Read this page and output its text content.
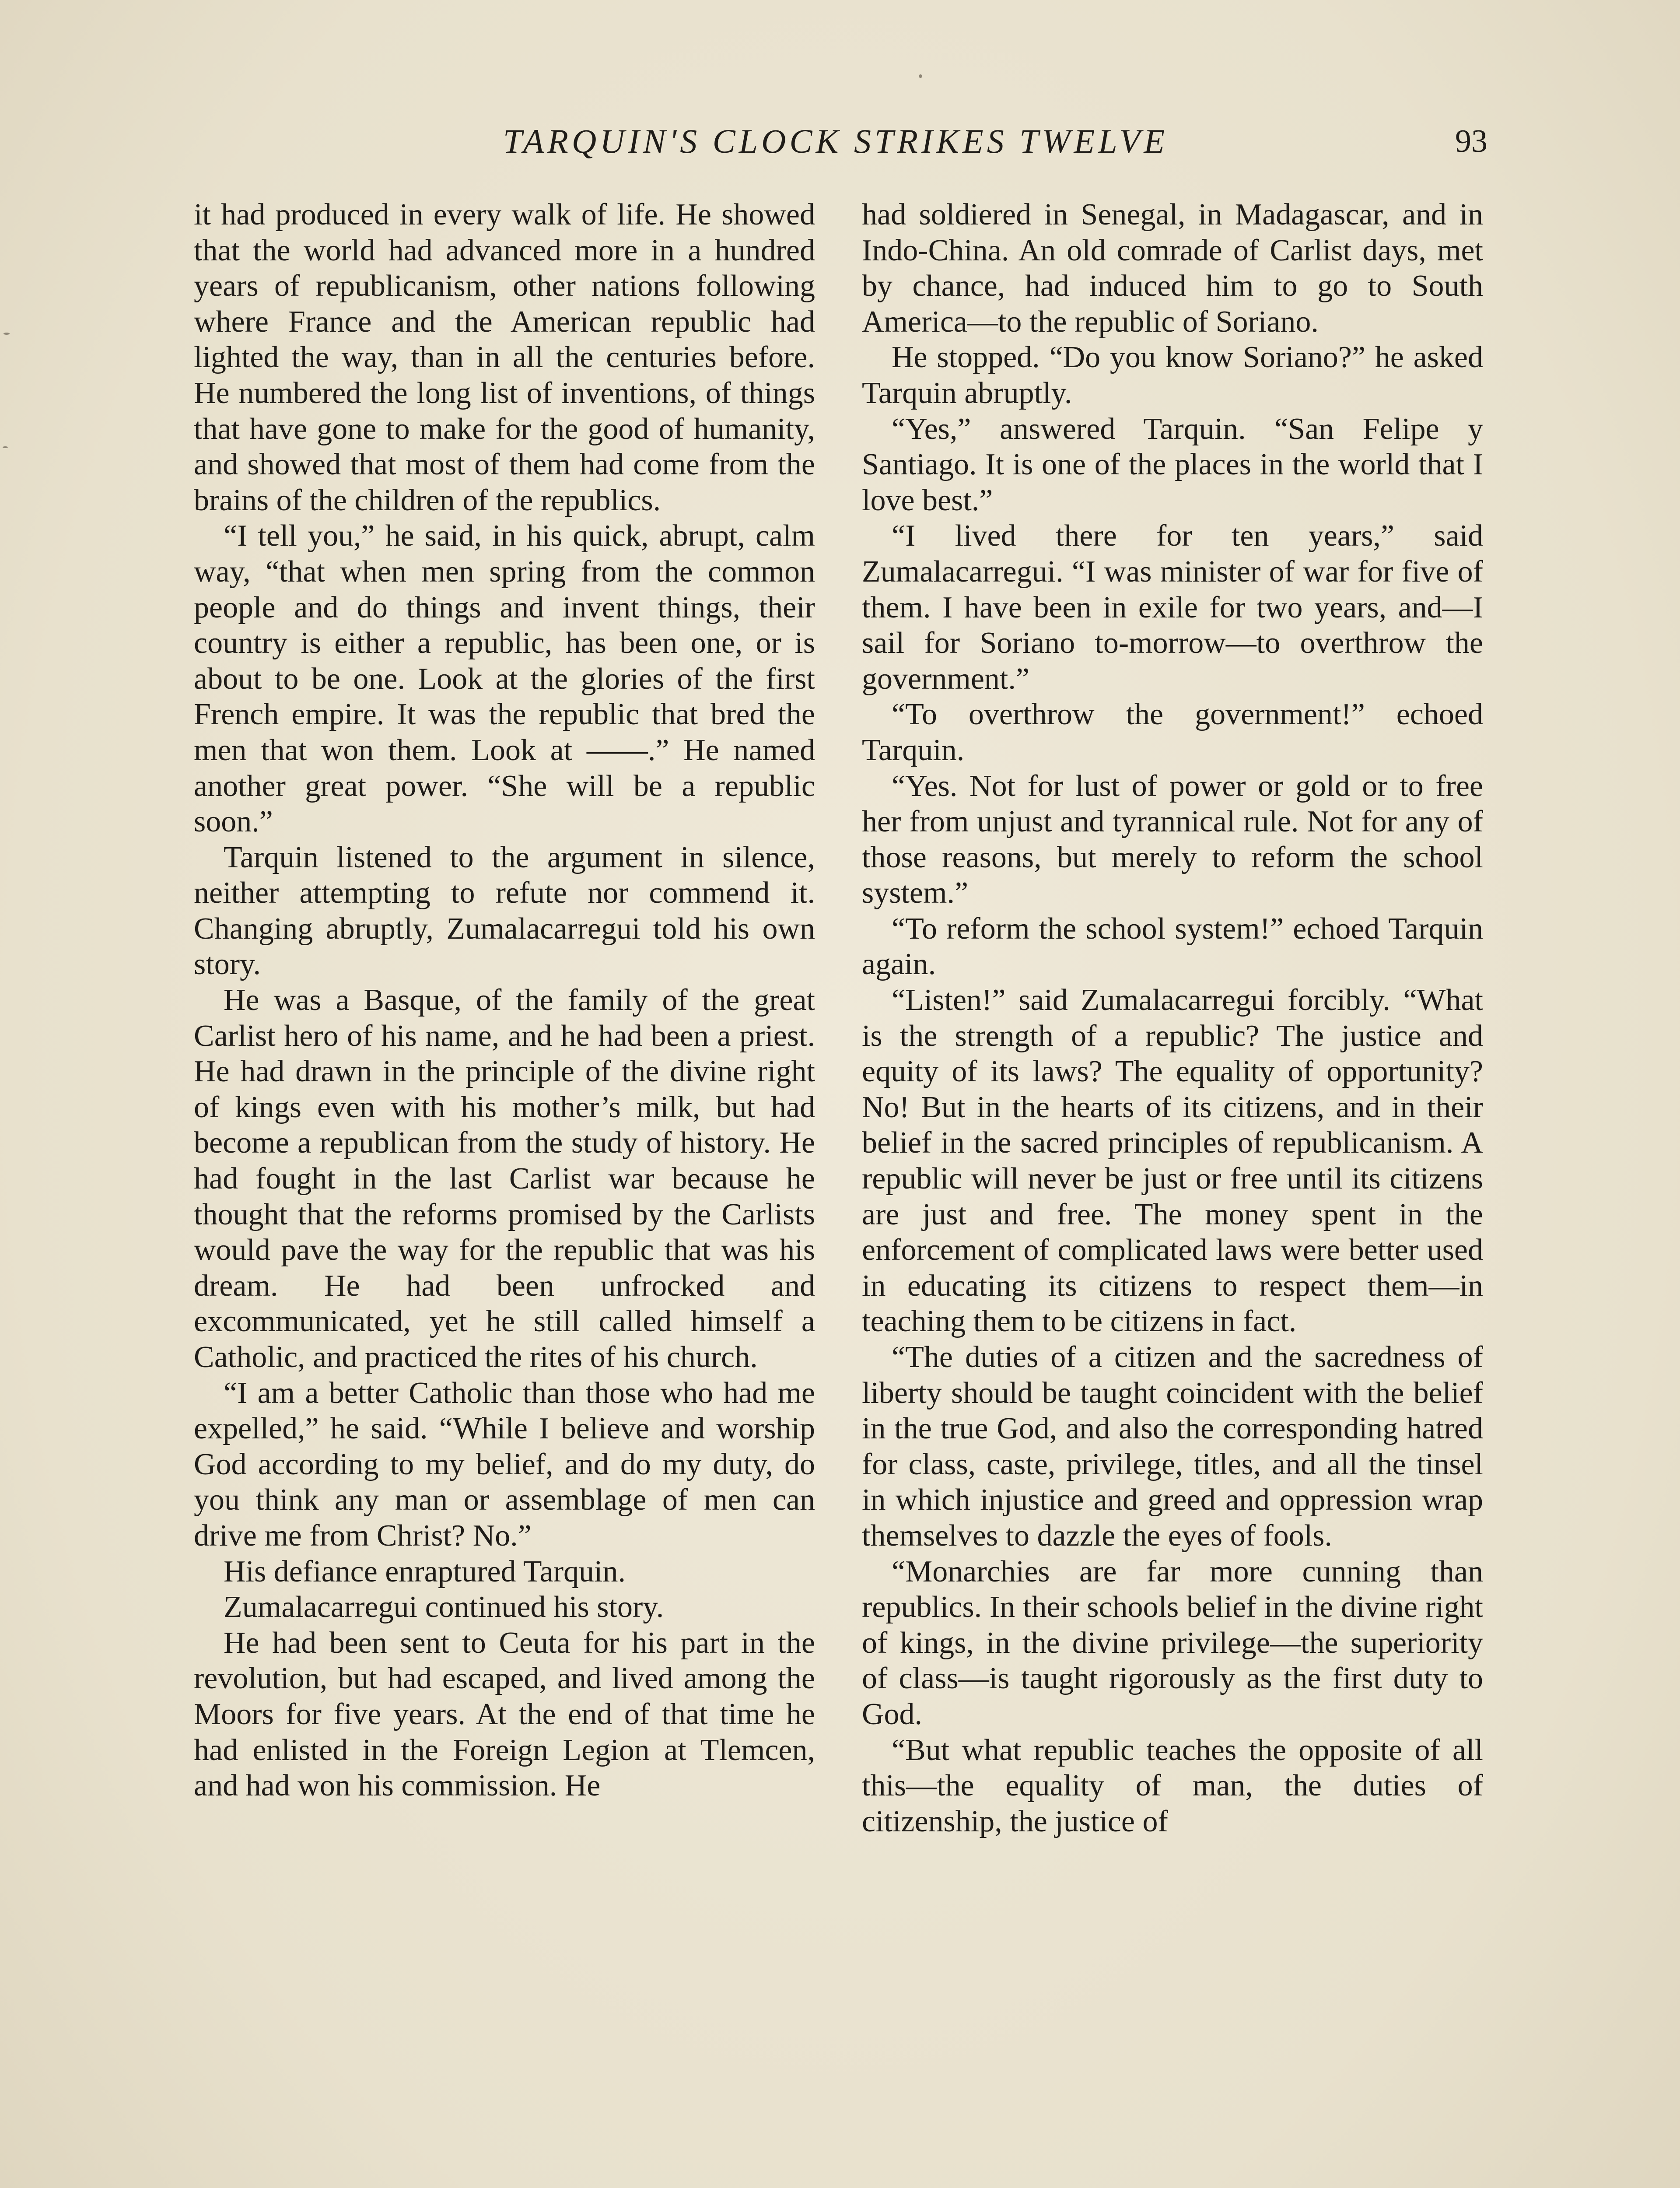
TARQUIN'S CLOCK STRIKES TWELVE	93

it had produced in every walk of life. He showed that the world had advanced more in a hundred years of republicanism, other nations following where France and the American republic had lighted the way, than in all the centuries before. He numbered the long list of inventions, of things that have gone to make for the good of humanity, and showed that most of them had come from the brains of the children of the republics.

“I tell you,” he said, in his quick, abrupt, calm way, “that when men spring from the common people and do things and invent things, their country is either a republic, has been one, or is about to be one. Look at the glories of the first French empire. It was the republic that bred the men that won them. Look at ——.” He named another great power. “She will be a republic soon.”

Tarquin listened to the argument in silence, neither attempting to refute nor commend it. Changing abruptly, Zumalacarregui told his own story.

He was a Basque, of the family of the great Carlist hero of his name, and he had been a priest. He had drawn in the principle of the divine right of kings even with his mother’s milk, but had become a republican from the study of history. He had fought in the last Carlist war because he thought that the reforms promised by the Carlists would pave the way for the republic that was his dream. He had been unfrocked and excommunicated, yet he still called himself a Catholic, and practiced the rites of his church.

“I am a better Catholic than those who had me expelled,” he said. “While I believe and worship God according to my belief, and do my duty, do you think any man or assemblage of men can drive me from Christ? No.”

His defiance enraptured Tarquin.

Zumalacarregui continued his story.

He had been sent to Ceuta for his part in the revolution, but had escaped, and lived among the Moors for five years. At the end of that time he had enlisted in the Foreign Legion at Tlemcen, and had won his commission. He

had soldiered in Senegal, in Madagascar, and in Indo-China. An old comrade of Carlist days, met by chance, had induced him to go to South America—to the republic of Soriano.

He stopped. “Do you know Soriano?” he asked Tarquin abruptly.

“Yes,” answered Tarquin. “San Felipe y Santiago. It is one of the places in the world that I love best.”

“I lived there for ten years,” said Zumalacarregui. “I was minister of war for five of them. I have been in exile for two years, and—I sail for Soriano to-morrow—to overthrow the government.”

“To overthrow the government!” echoed Tarquin.

“Yes. Not for lust of power or gold or to free her from unjust and tyrannical rule. Not for any of those reasons, but merely to reform the school system.”

“To reform the school system!” echoed Tarquin again.

“Listen!” said Zumalacarregui forcibly. “What is the strength of a republic? The justice and equity of its laws? The equality of opportunity? No! But in the hearts of its citizens, and in their belief in the sacred principles of republicanism. A republic will never be just or free until its citizens are just and free. The money spent in the enforcement of complicated laws were better used in educating its citizens to respect them—in teaching them to be citizens in fact.

“The duties of a citizen and the sacredness of liberty should be taught coincident with the belief in the true God, and also the corresponding hatred for class, caste, privilege, titles, and all the tinsel in which injustice and greed and oppression wrap themselves to dazzle the eyes of fools.

“Monarchies are far more cunning than republics. In their schools belief in the divine right of kings, in the divine privilege—the superiority of class—is taught rigorously as the first duty to God.

“But what republic teaches the opposite of all this—the equality of man, the duties of citizenship, the justice of
